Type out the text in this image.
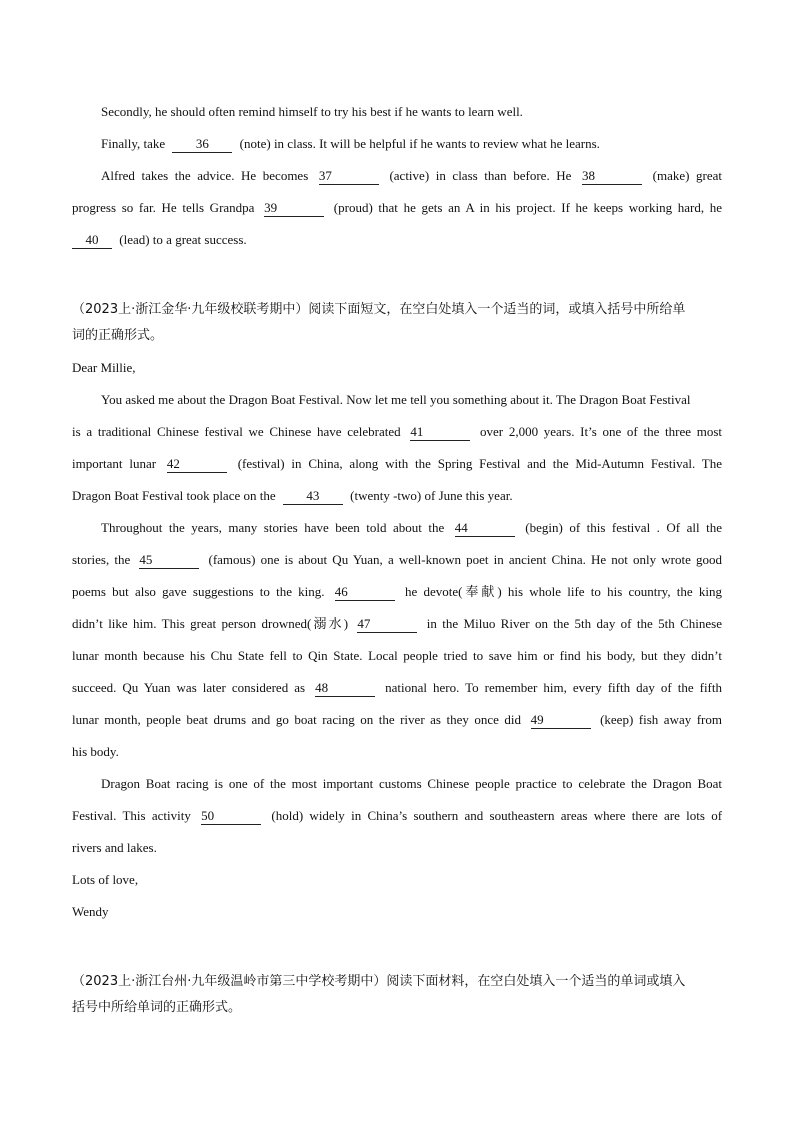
Secondly, he should often remind himself to try his best if he wants to learn well.
Finally, take 36 (note) in class. It will be helpful if he wants to review what he learns.
Alfred takes the advice. He becomes 37	(active) in class than before. He 38	(make) great
progress so far. He tells Grandpa 39	(proud) that he gets an A in his project. If he keeps working hard, he
40 (lead) to a great success.
（2023上·浙江金华·九年级校联考期中）阅读下面短文，在空白处填入一个适当的词，或填入括号中所给单
词的正确形式。
Dear Millie,
You asked me about the Dragon Boat Festival. Now let me tell you something about it. The Dragon Boat Festival
is a traditional Chinese festival we Chinese have celebrated 41	over 2,000 years. It’s one of the three most
important lunar 42	(festival) in China, along with the Spring Festival and the Mid-Autumn Festival. The
Dragon Boat Festival took place on the 43 (twenty -two) of June this year.
Throughout the years, many stories have been told about the 44	(begin) of this festival . Of all the
stories, the 45	(famous) one is about Qu Yuan, a well-known poet in ancient China. He not only wrote good
poems but also gave suggestions to the king. 46	he devote(奉献) his whole life to his country, the king
didn’t like him. This great person drowned(溺水) 47	in the Miluo River on the 5th day of the 5th Chinese
lunar month because his Chu State fell to Qin State. Local people tried to save him or find his body, but they didn’t
succeed. Qu Yuan was later considered as 48	national hero. To remember him, every fifth day of the fifth
lunar month, people beat drums and go boat racing on the river as they once did 49	(keep) fish away from
his body.
Dragon Boat racing is one of the most important customs Chinese people practice to celebrate the Dragon Boat
Festival. This activity 50	(hold) widely in China’s southern and southeastern areas where there are lots of
rivers and lakes.
Lots of love,
Wendy
（2023上·浙江台州·九年级温岭市第三中学校考期中）阅读下面材料，在空白处填入一个适当的单词或填入
括号中所给单词的正确形式。
